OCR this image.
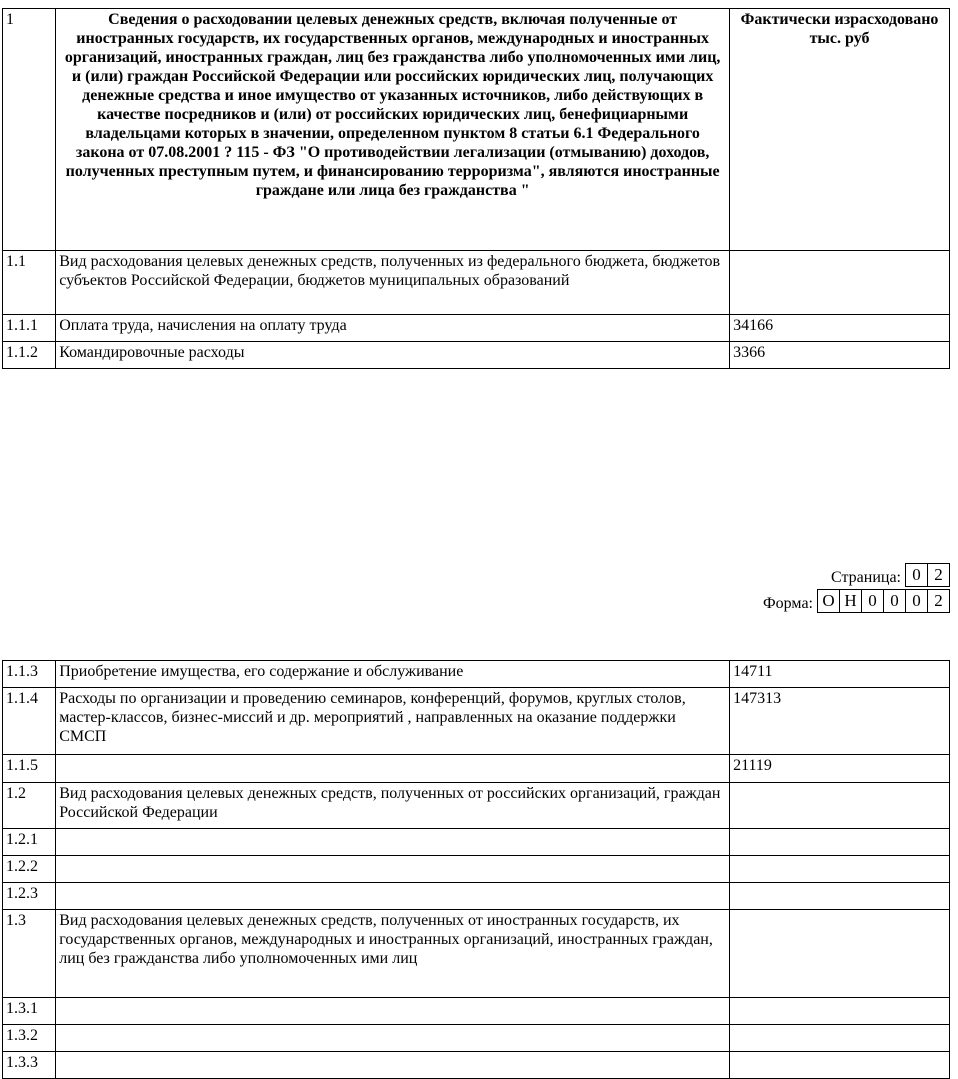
1	Сведения о расходовании целевых денежных средств, включая полученные от иностранных государств, их государственных органов, международных и иностранных организаций, иностранных граждан, лиц без гражданства либо уполномоченных ими лиц, и (или) граждан Российской Федерации или российских юридических лиц, получающих денежные средства и иное имущество от указанных источников, либо действующих в качестве посредников и (или) от российских юридических лиц, бенефициарными владельцами которых в значении, определенном пунктом 8 статьи 6.1 Федерального закона от 07.08.2001 ? 115 - ФЗ "О противодействии легализации (отмыванию) доходов, полученных преступным путем, и финансированию терроризма", являются иностранные граждане или лица без гражданства "	Фактически израсходовано тыс. руб
1.1	Вид расходования целевых денежных средств, полученных из федерального бюджета, бюджетов субъектов Российской Федерации, бюджетов муниципальных образований	
1.1.1	Оплата труда, начисления на оплату труда	34166
1.1.2	Командировочные расходы	3366
Страница: 0 2
Форма: О Н 0 0 0 2
1.1.3	Приобретение имущества, его содержание и обслуживание	14711
1.1.4	Расходы по организации и проведению семинаров, конференций, форумов, круглых столов, мастер-классов, бизнес-миссий и др. мероприятий , направленных на оказание поддержки СМСП	147313
1.1.5		21119
1.2	Вид расходования целевых денежных средств, полученных от российских организаций, граждан Российской Федерации	
1.2.1		
1.2.2		
1.2.3		
1.3	Вид расходования целевых денежных средств, полученных от иностранных государств, их государственных органов, международных и иностранных организаций, иностранных граждан, лиц без гражданства либо уполномоченных ими лиц	
1.3.1		
1.3.2		
1.3.3		
